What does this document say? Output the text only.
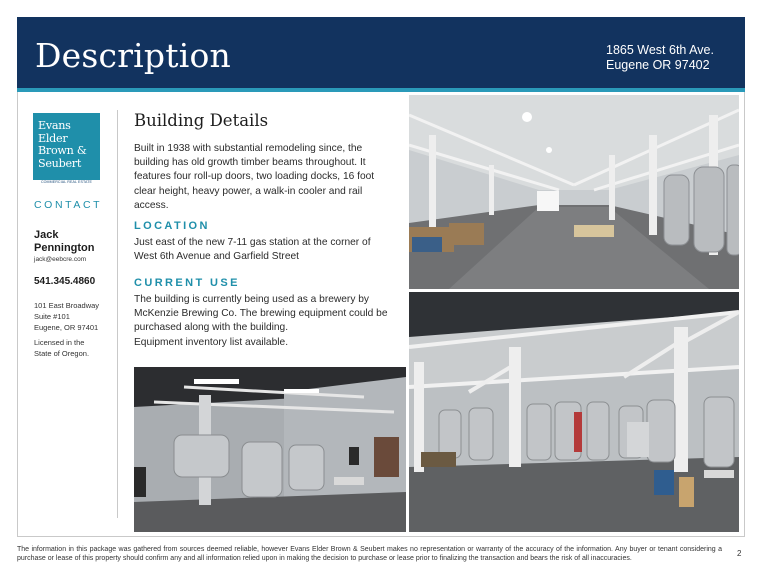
Description	1865 West 6th Ave.
Eugene OR 97402
Evans
Elder
Brown &
Seubert
COMMERCIAL REAL ESTATE
CONTACT
Jack
Pennington
jack@eebcre.com
541.345.4860
101 East Broadway
Suite #101
Eugene, OR 97401
Licensed in the
State of Oregon.
Building Details
Built in 1938 with substantial remodeling since, the building has old growth timber beams throughout. It features four roll-up doors, two loading docks, 16 foot clear height, heavy power, a walk-in cooler and rail access.
LOCATION
Just east of the new 7-11 gas station at the corner of West 6th Avenue and Garfield Street
CURRENT USE
The building is currently being used as a brewery by McKenzie Brewing Co. The brewing equipment could be purchased along with the building.
Equipment inventory list available.
The information in this package was gathered from sources deemed reliable, however Evans Elder Brown & Seubert makes no representation or warranty of the accuracy of the information. Any buyer or tenant considering a purchase or lease of this property should confirm any and all information relied upon in making the decision to purchase or lease prior to finalizing the transaction and bears the risk of all inaccuracies.
2
